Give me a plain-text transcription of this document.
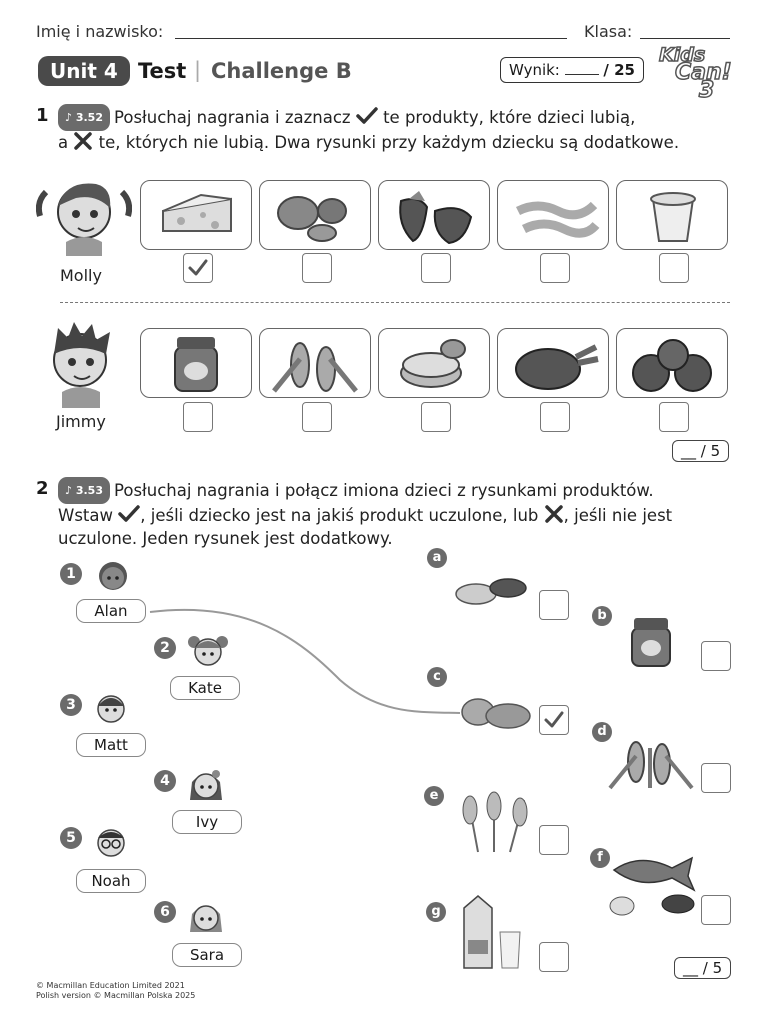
Imię i nazwisko:	Klasa:
Unit 4 Test | Challenge B	Wynik:	/ 25
Kids
Can!
3
1	♪ 3.52 Posłuchaj nagrania i zaznacz te produkty, które dzieci lubią,
a te, których nie lubią. Dwa rysunki przy każdym dziecku są dodatkowe.
Molly
Jimmy
__ / 5
2	♪ 3.53 Posłuchaj nagrania i połącz imiona dzieci z rysunkami produktów.
Wstaw , jeśli dziecko jest na jakiś produkt uczulone, lub , jeśli nie jest
uczulone. Jeden rysunek jest dodatkowy.
1
Alan
2
Kate
3
Matt
4
Ivy
5
Noah
6
Sara
a
b
c
d
e
f
g
__ / 5
© Macmillan Education Limited 2021
Polish version © Macmillan Polska 2025
